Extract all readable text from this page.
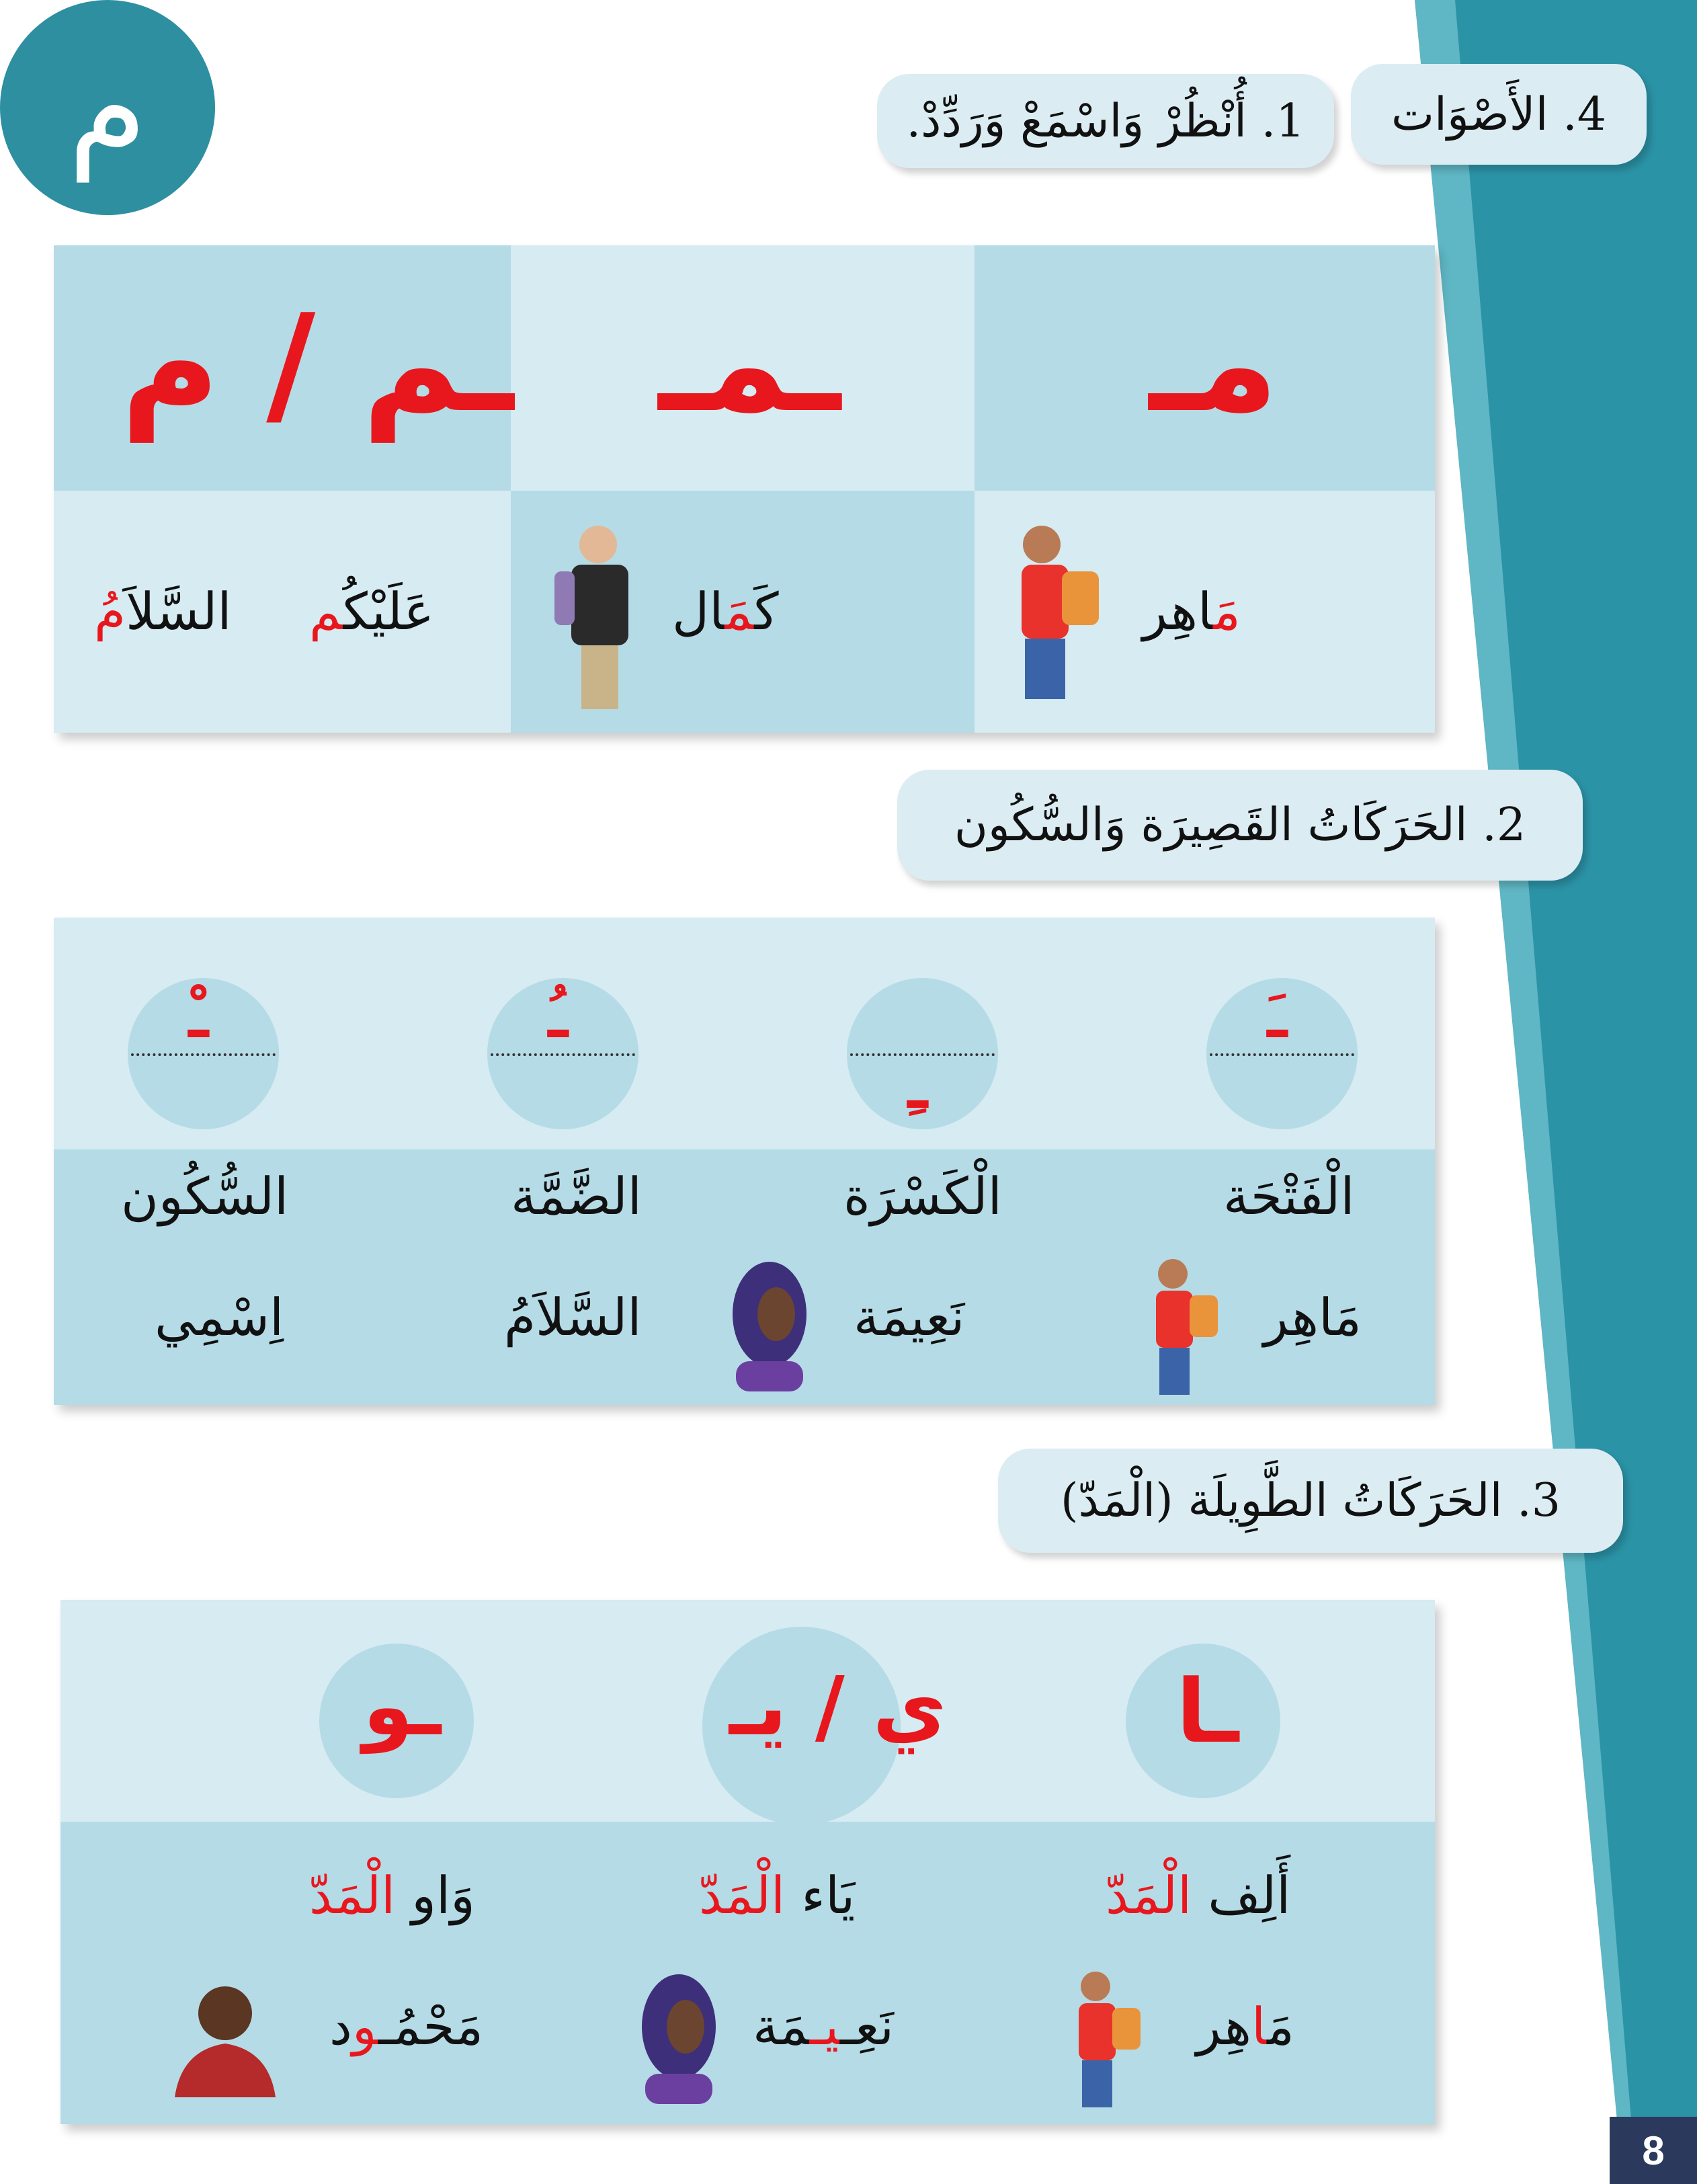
م	4. الأَصْوَات
1. أُنْظُرْ وَاسْمَعْ وَرَدِّدْ.
مـ
ـمـ
ـم / م
مَاهِر
كَمَال
عَلَيْكُم
السَّلاَمُ
2. الحَرَكَاتُ القَصِيرَة وَالسُّكُون
ـَ
ـِ
ـُ
ـْ
الْفَتْحَة
الْكَسْرَة
الضَّمَّة
السُّكُون
مَاهِر
نَعِيمَة
السَّلاَمُ
اِسْمِي
3. الحَرَكَاتُ الطَّوِيلَة (الْمَدّ)
ـا
ي / يـ
ـو
أَلِف الْمَدّ
يَاء الْمَدّ
وَاو الْمَدّ
مَاهِر
نَعِـيـمَة
مَحْمُـود
8
